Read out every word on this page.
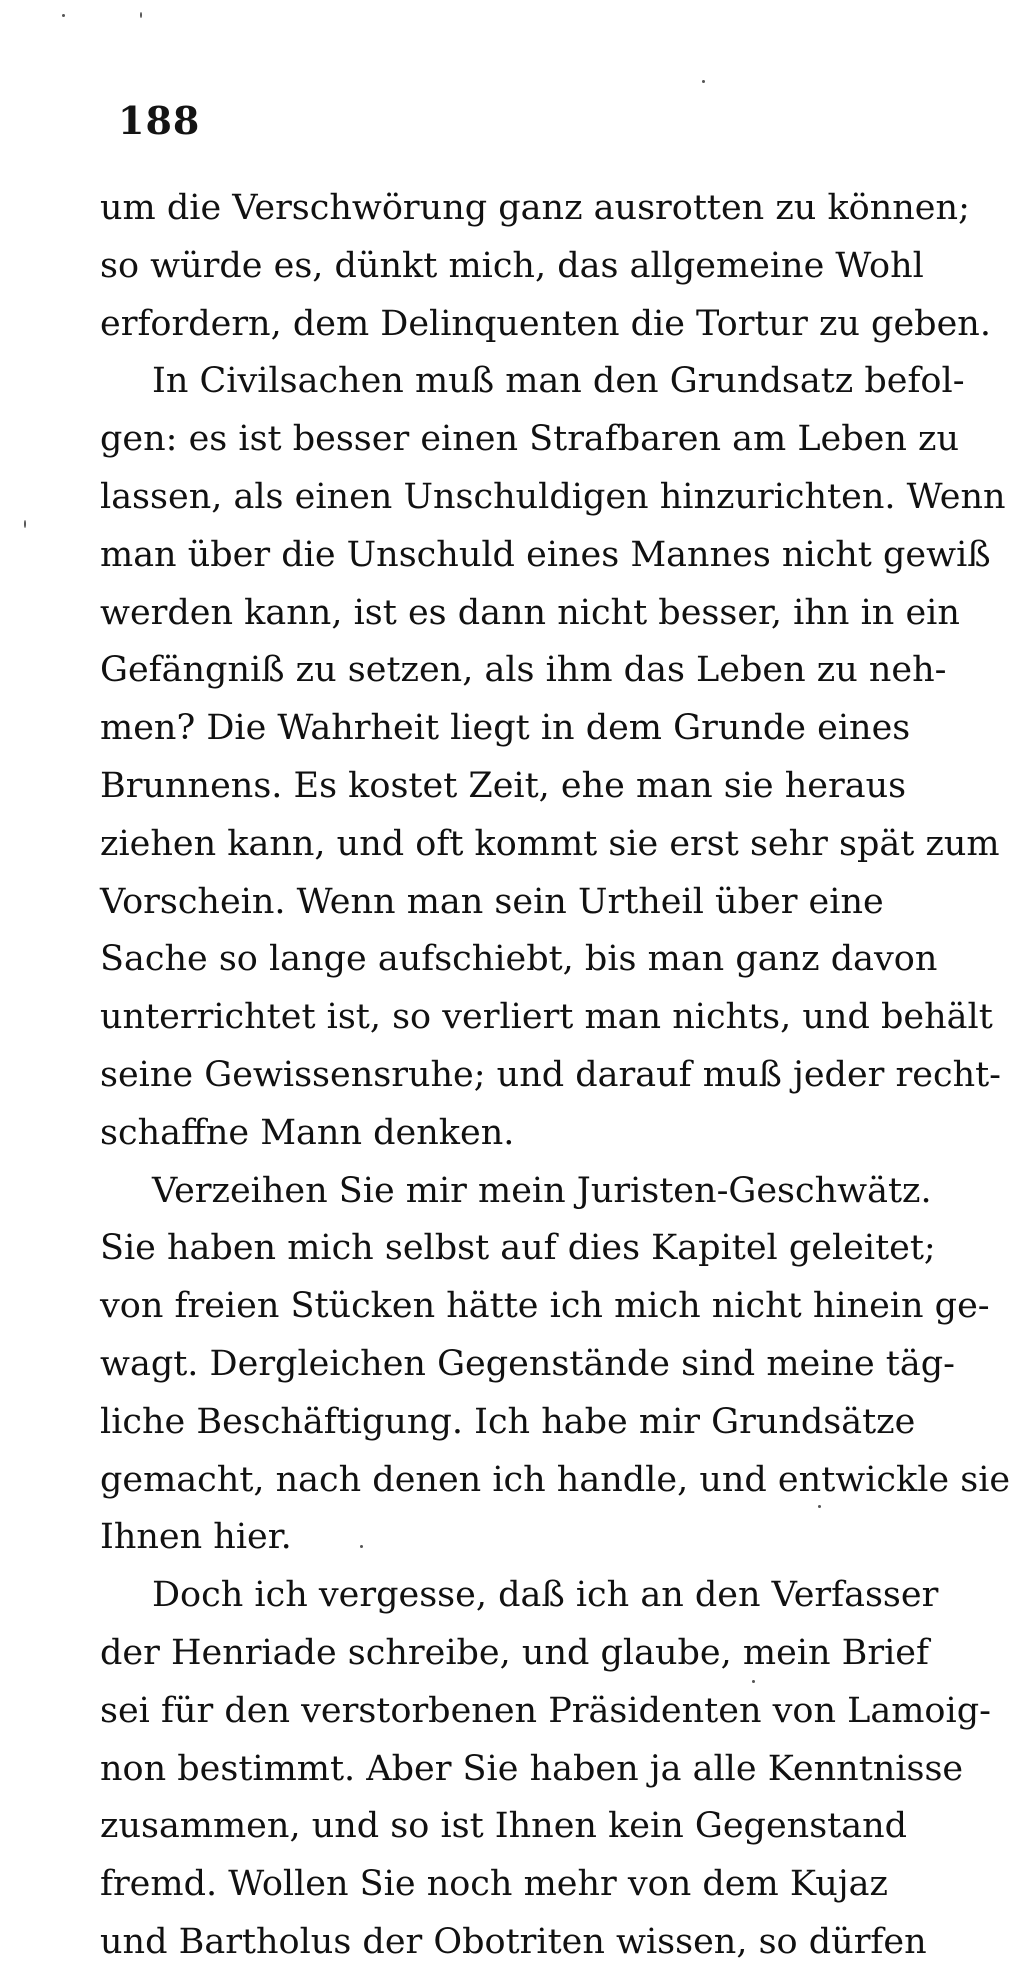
188
um die Verschwörung ganz ausrotten zu können;
so würde es, dünkt mich, das allgemeine Wohl
erfordern, dem Delinquenten die Tortur zu geben.
In Civilsachen muß man den Grundsatz befol-
gen: es ist besser einen Strafbaren am Leben zu
lassen, als einen Unschuldigen hinzurichten. Wenn
man über die Unschuld eines Mannes nicht gewiß
werden kann, ist es dann nicht besser, ihn in ein
Gefängniß zu setzen, als ihm das Leben zu neh-
men? Die Wahrheit liegt in dem Grunde eines
Brunnens. Es kostet Zeit, ehe man sie heraus
ziehen kann, und oft kommt sie erst sehr spät zum
Vorschein. Wenn man sein Urtheil über eine
Sache so lange aufschiebt, bis man ganz davon
unterrichtet ist, so verliert man nichts, und behält
seine Gewissensruhe; und darauf muß jeder recht-
schaffne Mann denken.
Verzeihen Sie mir mein Juristen-Geschwätz.
Sie haben mich selbst auf dies Kapitel geleitet;
von freien Stücken hätte ich mich nicht hinein ge-
wagt. Dergleichen Gegenstände sind meine täg-
liche Beschäftigung. Ich habe mir Grundsätze
gemacht, nach denen ich handle, und entwickle sie
Ihnen hier.
Doch ich vergesse, daß ich an den Verfasser
der Henriade schreibe, und glaube, mein Brief
sei für den verstorbenen Präsidenten von Lamoig-
non bestimmt. Aber Sie haben ja alle Kenntnisse
zusammen, und so ist Ihnen kein Gegenstand
fremd. Wollen Sie noch mehr von dem Kujaz
und Bartholus der Obotriten wissen, so dürfen
